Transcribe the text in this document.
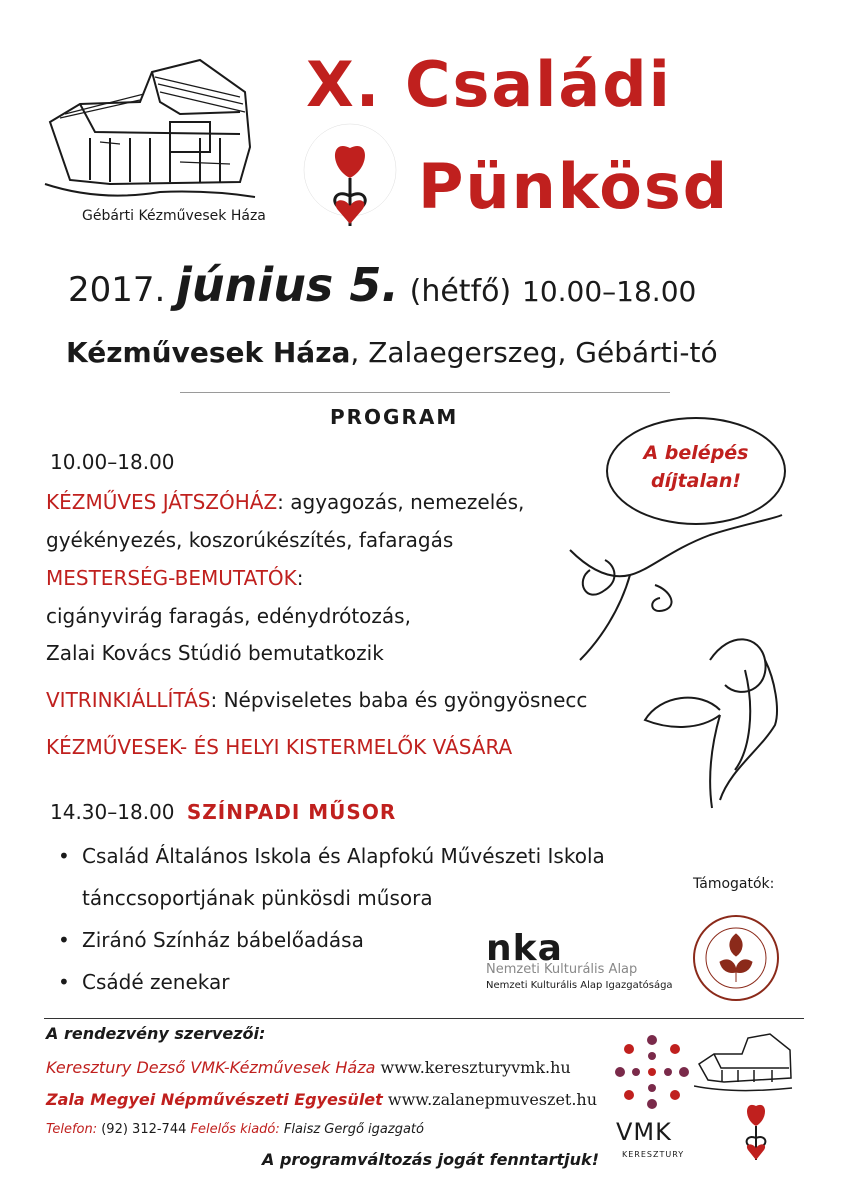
Gébárti Kézművesek Háza
X. Családi
Pünkösd
2017. június 5. (hétfő) 10.00–18.00
Kézművesek Háza, Zalaegerszeg, Gébárti-tó
PROGRAM
10.00–18.00	A belépés
díjtalan!
KÉZMŰVES JÁTSZÓHÁZ: agyagozás, nemezelés,
gyékényezés, koszorúkészítés, fafaragás
MESTERSÉG-BEMUTATÓK:
cigányvirág faragás, edénydrótozás,
Zalai Kovács Stúdió bemutatkozik
VITRINKIÁLLÍTÁS: Népviseletes baba és gyöngyösnecc
KÉZMŰVESEK- ÉS HELYI KISTERMELŐK VÁSÁRA
14.30–18.00 SZÍNPADI MŰSOR
• Család Általános Iskola és Alapfokú Művészeti Iskola
tánccsoportjának pünkösdi műsora
• Ziránó Színház bábelőadása
• Csádé zenekar
Támogatók:
nka
Nemzeti Kulturális Alap
Nemzeti Kulturális Alap Igazgatósága
A rendezvény szervezői:
Keresztury Dezső VMK-Kézművesek Háza www.kereszturyvmk.hu
Zala Megyei Népművészeti Egyesület www.zalanepmuveszet.hu
Telefon: (92) 312-744 Felelős kiadó: Flaisz Gergő igazgató
A programváltozás jogát fenntartjuk!
VMK
KERESZTURY
